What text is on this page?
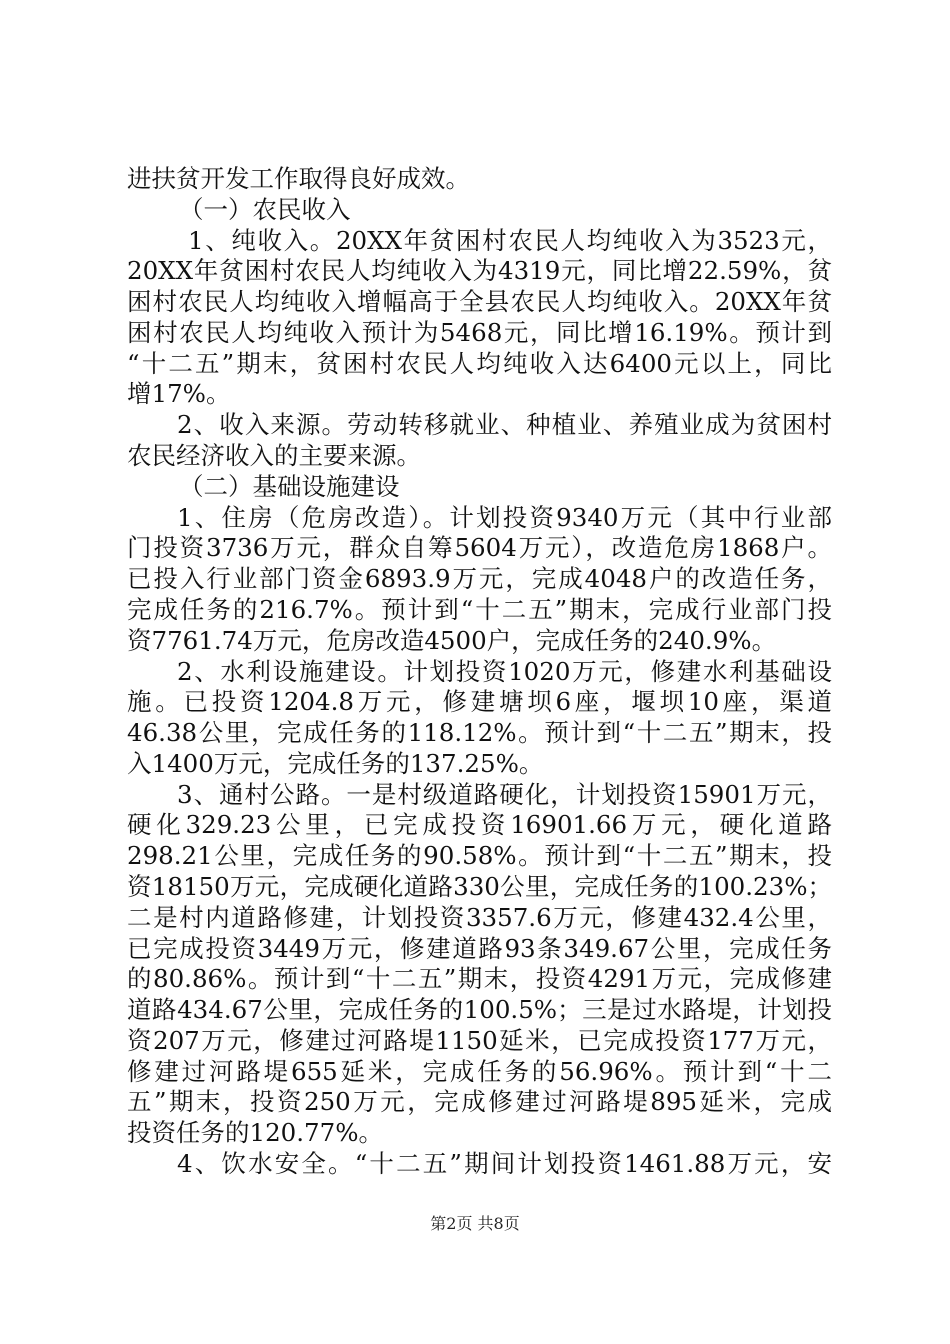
进扶贫开发工作取得良好成效。
（一）农民收入
1、纯收入。20XX年贫困村农民人均纯收入为3523元，
20XX年贫困村农民人均纯收入为4319元，同比增22.59%，贫
困村农民人均纯收入增幅高于全县农民人均纯收入。20XX年贫
困村农民人均纯收入预计为5468元，同比增16.19%。预计到
“十二五”期末，贫困村农民人均纯收入达6400元以上，同比
增17%。
2、收入来源。劳动转移就业、种植业、养殖业成为贫困村
农民经济收入的主要来源。
（二）基础设施建设
1、住房（危房改造）。计划投资9340万元（其中行业部
门投资3736万元，群众自筹5604万元），改造危房1868户。
已投入行业部门资金6893.9万元，完成4048户的改造任务，
完成任务的216.7%。预计到“十二五”期末，完成行业部门投
资7761.74万元，危房改造4500户，完成任务的240.9%。
2、水利设施建设。计划投资1020万元，修建水利基础设
施。已投资1204.8万元，修建塘坝6座，堰坝10座，渠道
46.38公里，完成任务的118.12%。预计到“十二五”期末，投
入1400万元，完成任务的137.25%。
3、通村公路。一是村级道路硬化，计划投资15901万元，
硬化329.23公里，已完成投资16901.66万元，硬化道路
298.21公里，完成任务的90.58%。预计到“十二五”期末，投
资18150万元，完成硬化道路330公里，完成任务的100.23%；
二是村内道路修建，计划投资3357.6万元，修建432.4公里，
已完成投资3449万元，修建道路93条349.67公里，完成任务
的80.86%。预计到“十二五”期末，投资4291万元，完成修建
道路434.67公里，完成任务的100.5%；三是过水路堤，计划投
资207万元，修建过河路堤1150延米，已完成投资177万元，
修建过河路堤655延米，完成任务的56.96%。预计到“十二
五”期末，投资250万元，完成修建过河路堤895延米，完成
投资任务的120.77%。
4、饮水安全。“十二五”期间计划投资1461.88万元，安
第2页 共8页
